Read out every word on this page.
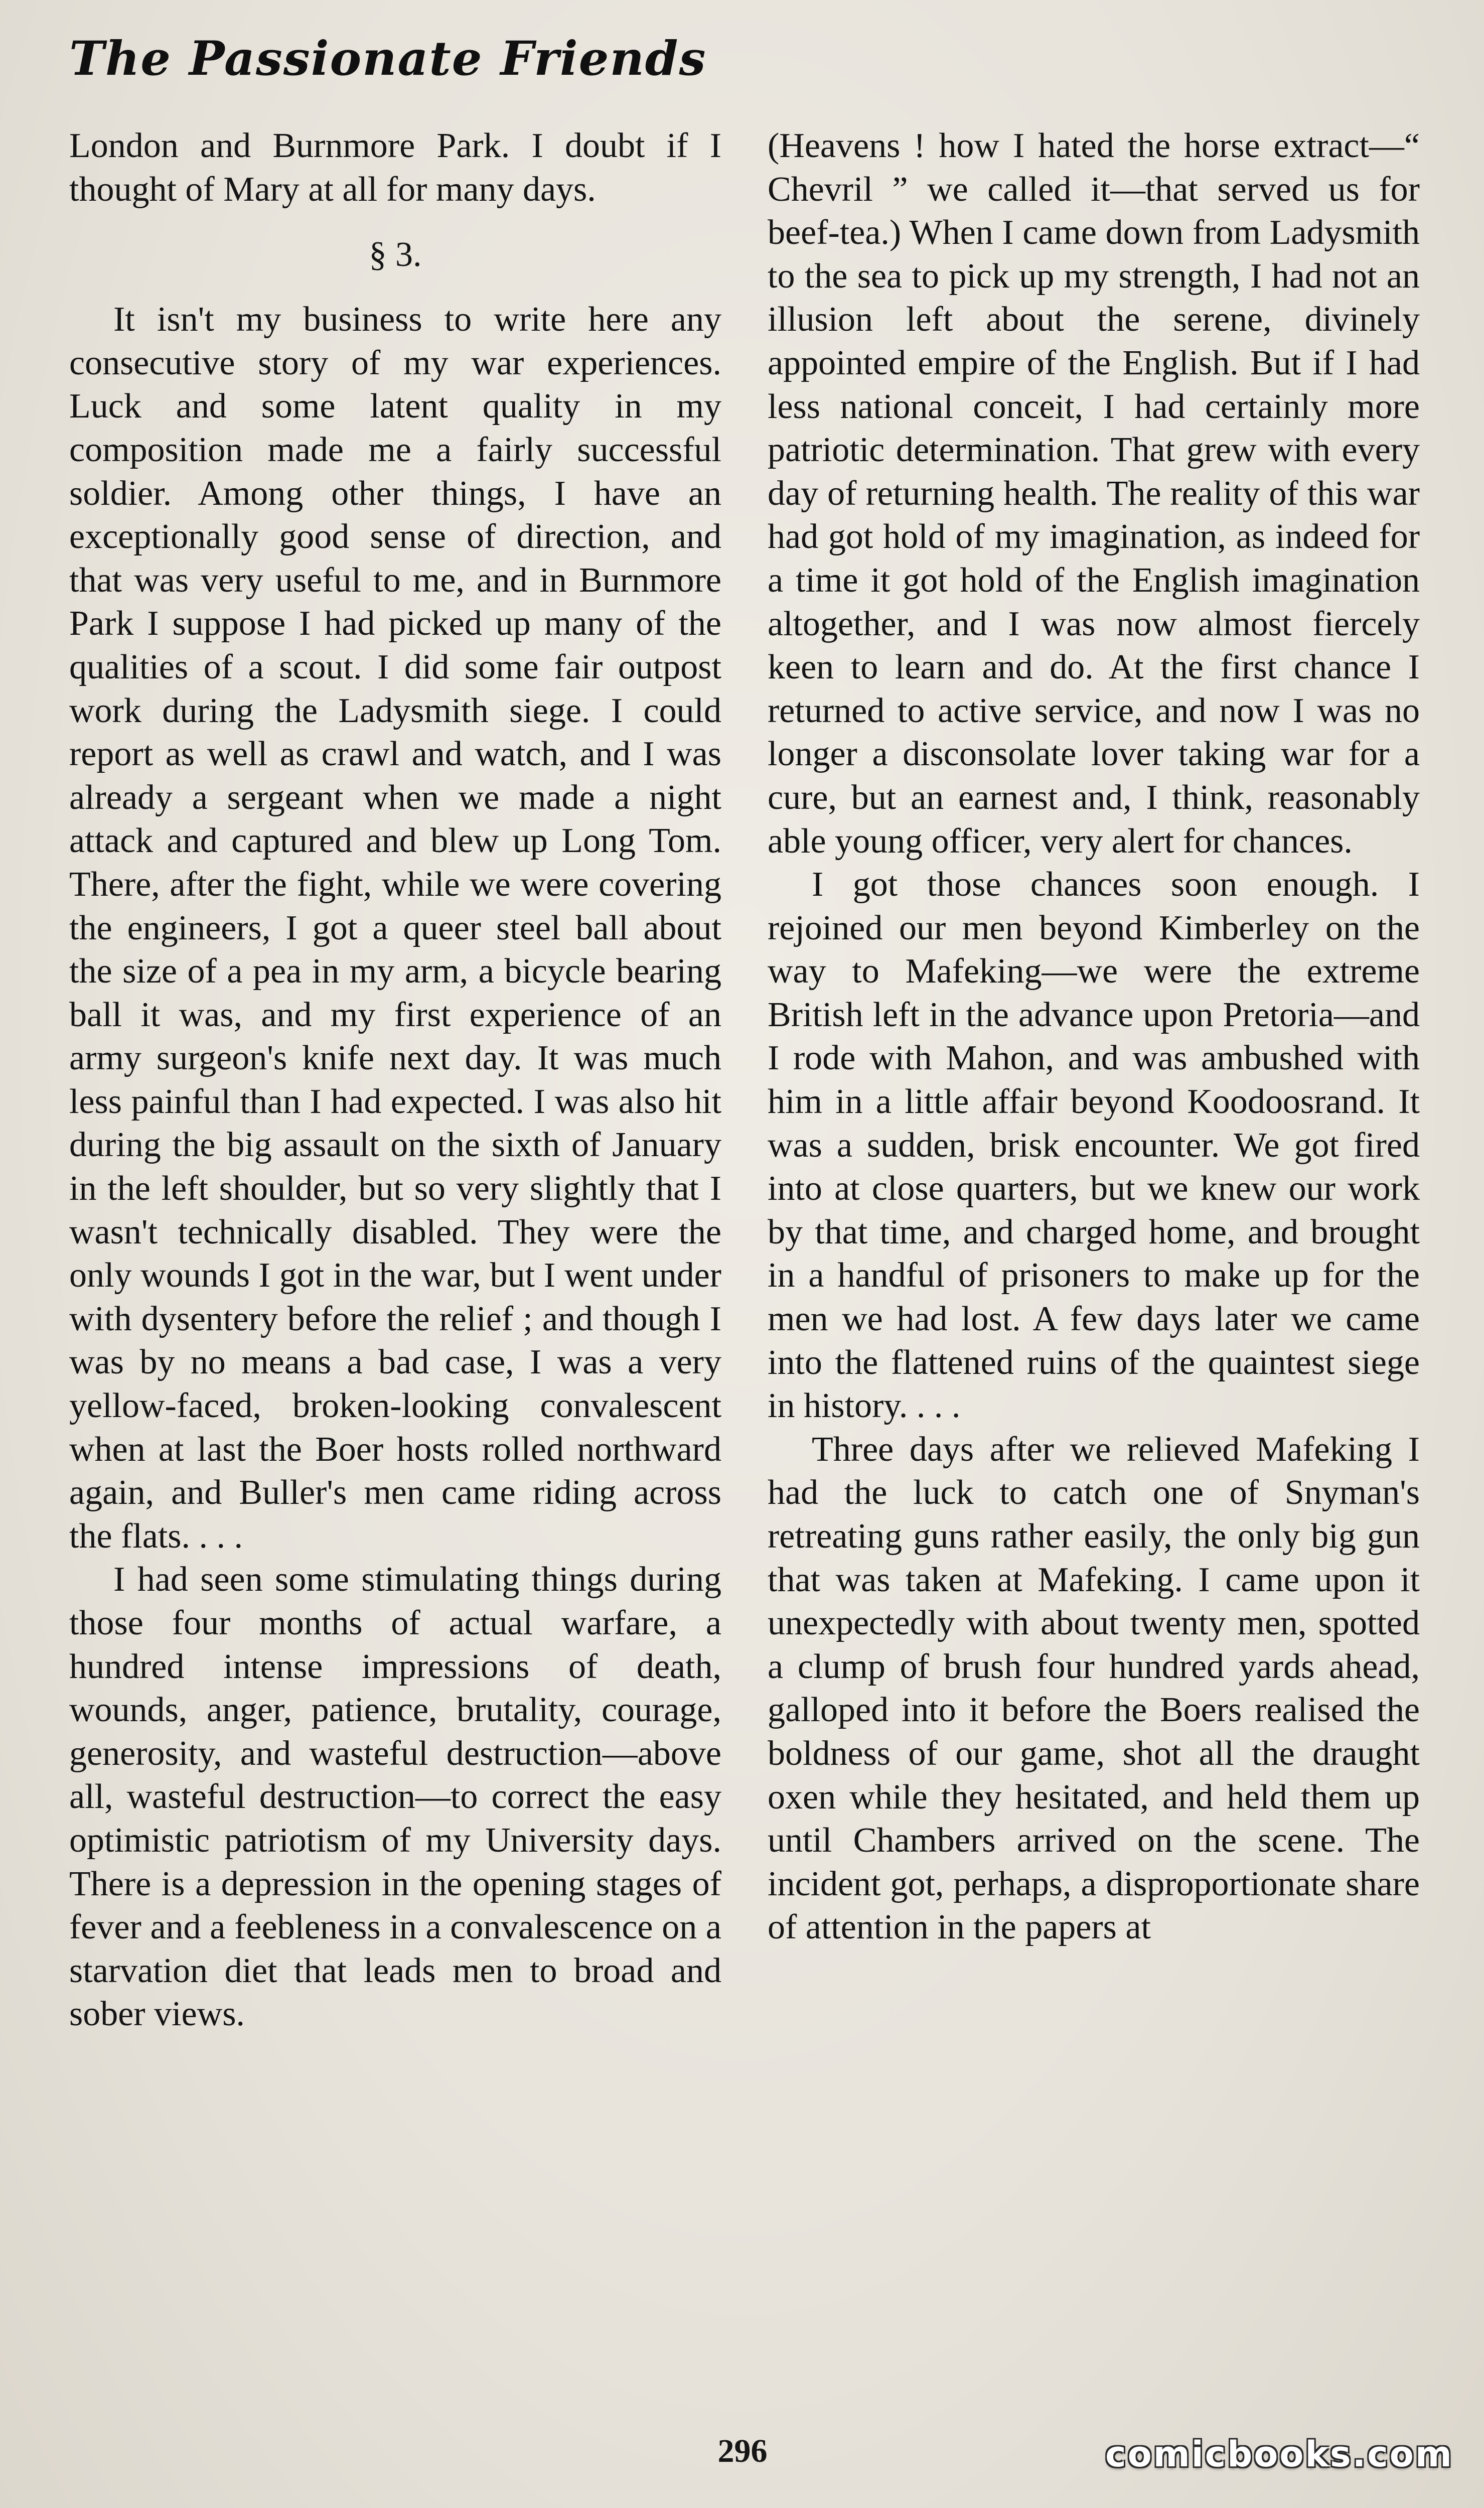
The Passionate Friends

London and Burnmore Park. I doubt if I thought of Mary at all for many days.

§ 3.

It isn't my business to write here any consecutive story of my war experiences. Luck and some latent quality in my composition made me a fairly successful soldier. Among other things, I have an exceptionally good sense of direction, and that was very useful to me, and in Burnmore Park I suppose I had picked up many of the qualities of a scout. I did some fair outpost work during the Ladysmith siege. I could report as well as crawl and watch, and I was already a sergeant when we made a night attack and captured and blew up Long Tom. There, after the fight, while we were covering the engineers, I got a queer steel ball about the size of a pea in my arm, a bicycle bearing ball it was, and my first experience of an army surgeon's knife next day. It was much less painful than I had expected. I was also hit during the big assault on the sixth of January in the left shoulder, but so very slightly that I wasn't technically disabled. They were the only wounds I got in the war, but I went under with dysentery before the relief ; and though I was by no means a bad case, I was a very yellow-faced, broken-looking convalescent when at last the Boer hosts rolled northward again, and Buller's men came riding across the flats. . . .

I had seen some stimulating things during those four months of actual warfare, a hundred intense impressions of death, wounds, anger, patience, brutality, courage, generosity, and wasteful destruction—above all, wasteful destruction—to correct the easy optimistic patriotism of my University days. There is a depression in the opening stages of fever and a feebleness in a convalescence on a starvation diet that leads men to broad and sober views.

(Heavens ! how I hated the horse extract—“ Chevril ” we called it—that served us for beef-tea.) When I came down from Ladysmith to the sea to pick up my strength, I had not an illusion left about the serene, divinely appointed empire of the English. But if I had less national conceit, I had certainly more patriotic determination. That grew with every day of returning health. The reality of this war had got hold of my imagination, as indeed for a time it got hold of the English imagination altogether, and I was now almost fiercely keen to learn and do. At the first chance I returned to active service, and now I was no longer a disconsolate lover taking war for a cure, but an earnest and, I think, reasonably able young officer, very alert for chances.

I got those chances soon enough. I rejoined our men beyond Kimberley on the way to Mafeking—we were the extreme British left in the advance upon Pretoria—and I rode with Mahon, and was ambushed with him in a little affair beyond Koodoosrand. It was a sudden, brisk encounter. We got fired into at close quarters, but we knew our work by that time, and charged home, and brought in a handful of prisoners to make up for the men we had lost. A few days later we came into the flattened ruins of the quaintest siege in history. . . .

Three days after we relieved Mafeking I had the luck to catch one of Snyman's retreating guns rather easily, the only big gun that was taken at Mafeking. I came upon it unexpectedly with about twenty men, spotted a clump of brush four hundred yards ahead, galloped into it before the Boers realised the boldness of our game, shot all the draught oxen while they hesitated, and held them up until Chambers arrived on the scene. The incident got, perhaps, a disproportionate share of attention in the papers at

296	comicbooks.com
